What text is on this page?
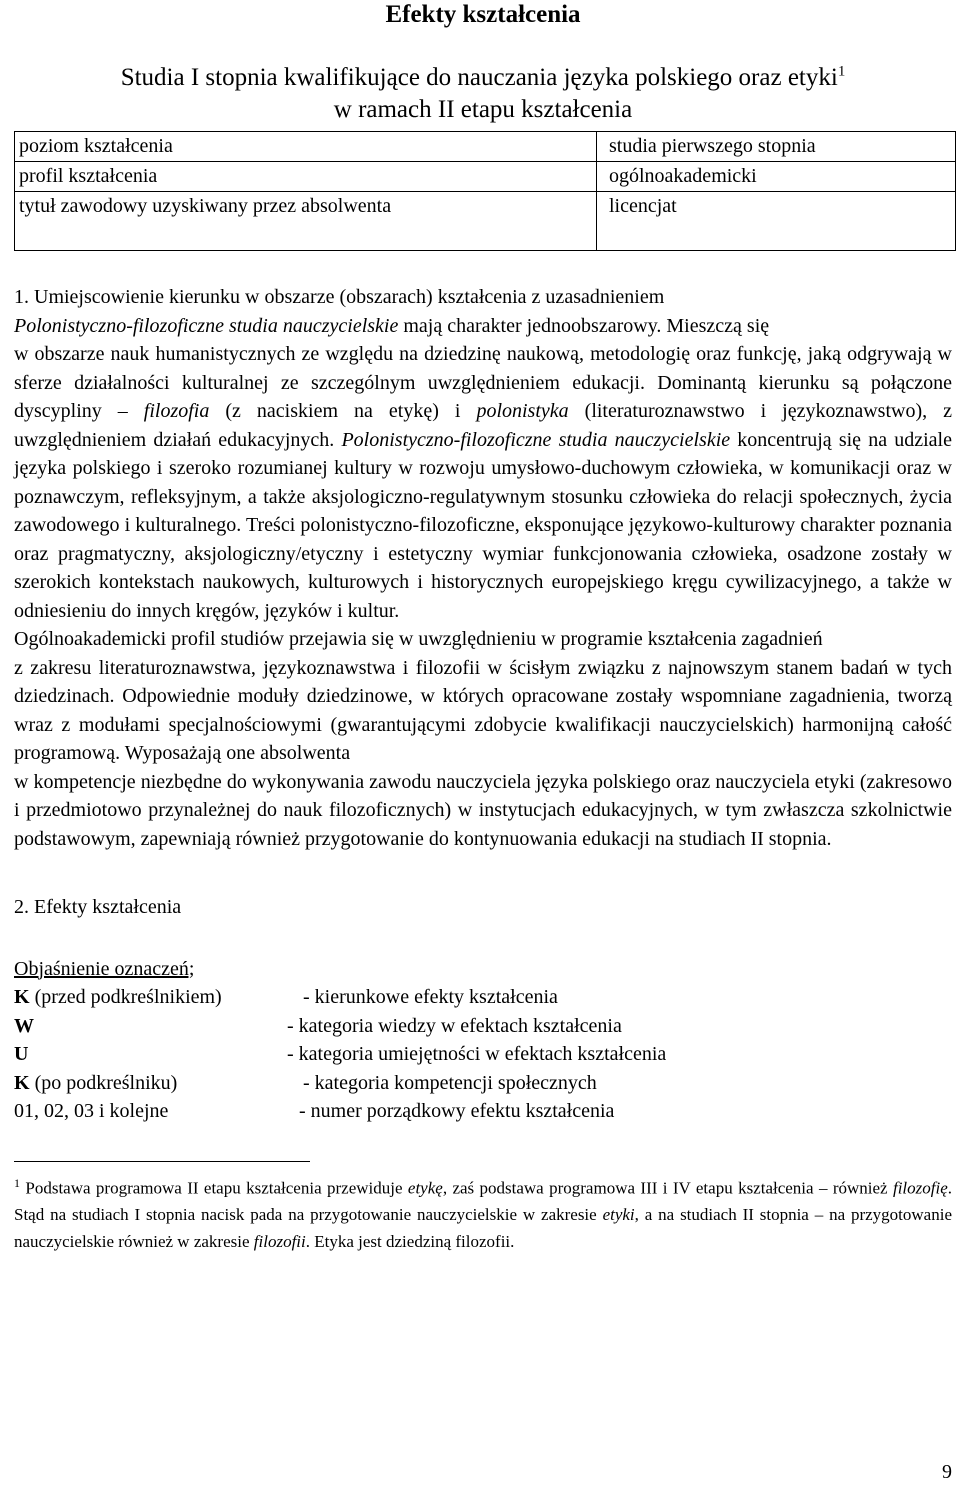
Efekty kształcenia
Studia I stopnia kwalifikujące do nauczania języka polskiego oraz etyki$^1$
w ramach II etapu kształcenia
poziom kształcenia	studia pierwszego stopnia
profil kształcenia	ogólnoakademicki
tytuł zawodowy uzyskiwany przez absolwenta	licencjat

1. Umiejscowienie kierunku w obszarze (obszarach) kształcenia z uzasadnieniem

Polonistyczno-filozoficzne studia nauczycielskie mają charakter jednoobszarowy. Mieszczą się

w obszarze nauk humanistycznych ze względu na dziedzinę naukową, metodologię oraz funkcję, jaką odgrywają w sferze działalności kulturalnej ze szczególnym uwzględnieniem edukacji. Dominantą kierunku są połączone dyscypliny – filozofia (z naciskiem na etykę) i polonistyka (literaturoznawstwo i językoznawstwo), z uwzględnieniem działań edukacyjnych. Polonistyczno-filozoficzne studia nauczycielskie koncentrują się na udziale języka polskiego i szeroko rozumianej kultury w rozwoju umysłowo-duchowym człowieka, w komunikacji oraz w poznawczym, refleksyjnym, a także aksjologiczno-regulatywnym stosunku człowieka do relacji społecznych, życia zawodowego i kulturalnego. Treści polonistyczno-filozoficzne, eksponujące językowo-kulturowy charakter poznania oraz pragmatyczny, aksjologiczny/etyczny i estetyczny wymiar funkcjonowania człowieka, osadzone zostały w szerokich kontekstach naukowych, kulturowych i historycznych europejskiego kręgu cywilizacyjnego, a także w odniesieniu do innych kręgów, języków i kultur.

Ogólnoakademicki profil studiów przejawia się w uwzględnieniu w programie kształcenia zagadnień

z zakresu literaturoznawstwa, językoznawstwa i filozofii w ścisłym związku z najnowszym stanem badań w tych dziedzinach. Odpowiednie moduły dziedzinowe, w których opracowane zostały wspomniane zagadnienia, tworzą wraz z modułami specjalnościowymi (gwarantującymi zdobycie kwalifikacji nauczycielskich) harmonijną całość programową. Wyposażają one absolwenta

w kompetencje niezbędne do wykonywania zawodu nauczyciela języka polskiego oraz nauczyciela etyki (zakresowo i przedmiotowo przynależnej do nauk filozoficznych) w instytucjach edukacyjnych, w tym zwłaszcza szkolnictwie podstawowym, zapewniają również przygotowanie do kontynuowania edukacji na studiach II stopnia.

2. Efekty kształcenia
Objaśnienie oznaczeń;
K (przed podkreślnikiem)	- kierunkowe efekty kształcenia
W	- kategoria wiedzy w efektach kształcenia
U	- kategoria umiejętności w efektach kształcenia
K (po podkreślniku)	- kategoria kompetencji społecznych
01, 02, 03 i kolejne	- numer porządkowy efektu kształcenia
$^1$ Podstawa programowa II etapu kształcenia przewiduje etykę, zaś podstawa programowa III i IV etapu kształcenia – również filozofię. Stąd na studiach I stopnia nacisk pada na przygotowanie nauczycielskie w zakresie etyki, a na studiach II stopnia – na przygotowanie nauczycielskie również w zakresie filozofii. Etyka jest dziedziną filozofii.
9
